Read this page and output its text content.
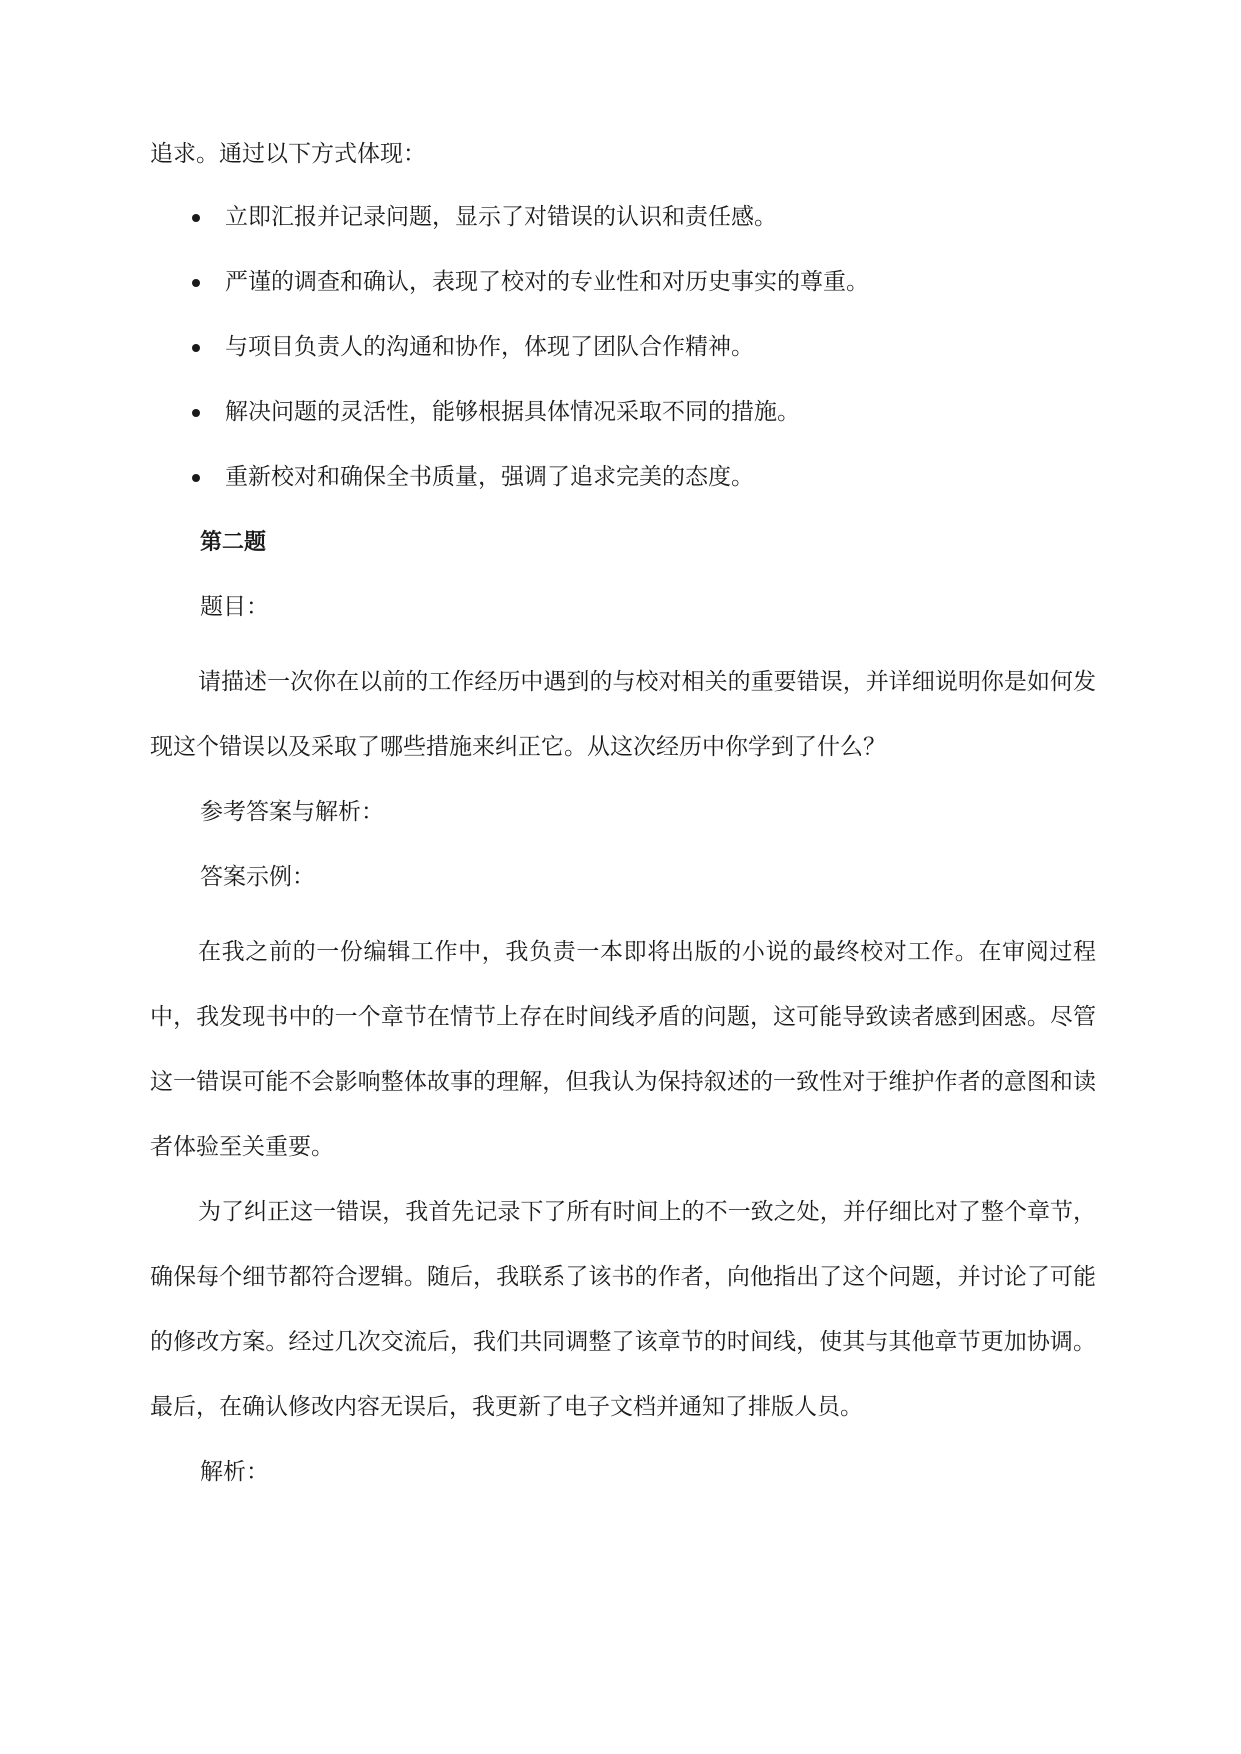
追求。通过以下方式体现：

立即汇报并记录问题，显示了对错误的认识和责任感。
严谨的调查和确认，表现了校对的专业性和对历史事实的尊重。
与项目负责人的沟通和协作，体现了团队合作精神。
解决问题的灵活性，能够根据具体情况采取不同的措施。
重新校对和确保全书质量，强调了追求完美的态度。

第二题

题目：

请描述一次你在以前的工作经历中遇到的与校对相关的重要错误，并详细说明你是如何发现这个错误以及采取了哪些措施来纠正它。从这次经历中你学到了什么？

参考答案与解析：

答案示例：

在我之前的一份编辑工作中，我负责一本即将出版的小说的最终校对工作。在审阅过程中，我发现书中的一个章节在情节上存在时间线矛盾的问题，这可能导致读者感到困惑。尽管这一错误可能不会影响整体故事的理解，但我认为保持叙述的一致性对于维护作者的意图和读者体验至关重要。

为了纠正这一错误，我首先记录下了所有时间上的不一致之处，并仔细比对了整个章节，确保每个细节都符合逻辑。随后，我联系了该书的作者，向他指出了这个问题，并讨论了可能的修改方案。经过几次交流后，我们共同调整了该章节的时间线，使其与其他章节更加协调。最后，在确认修改内容无误后，我更新了电子文档并通知了排版人员。

解析：
